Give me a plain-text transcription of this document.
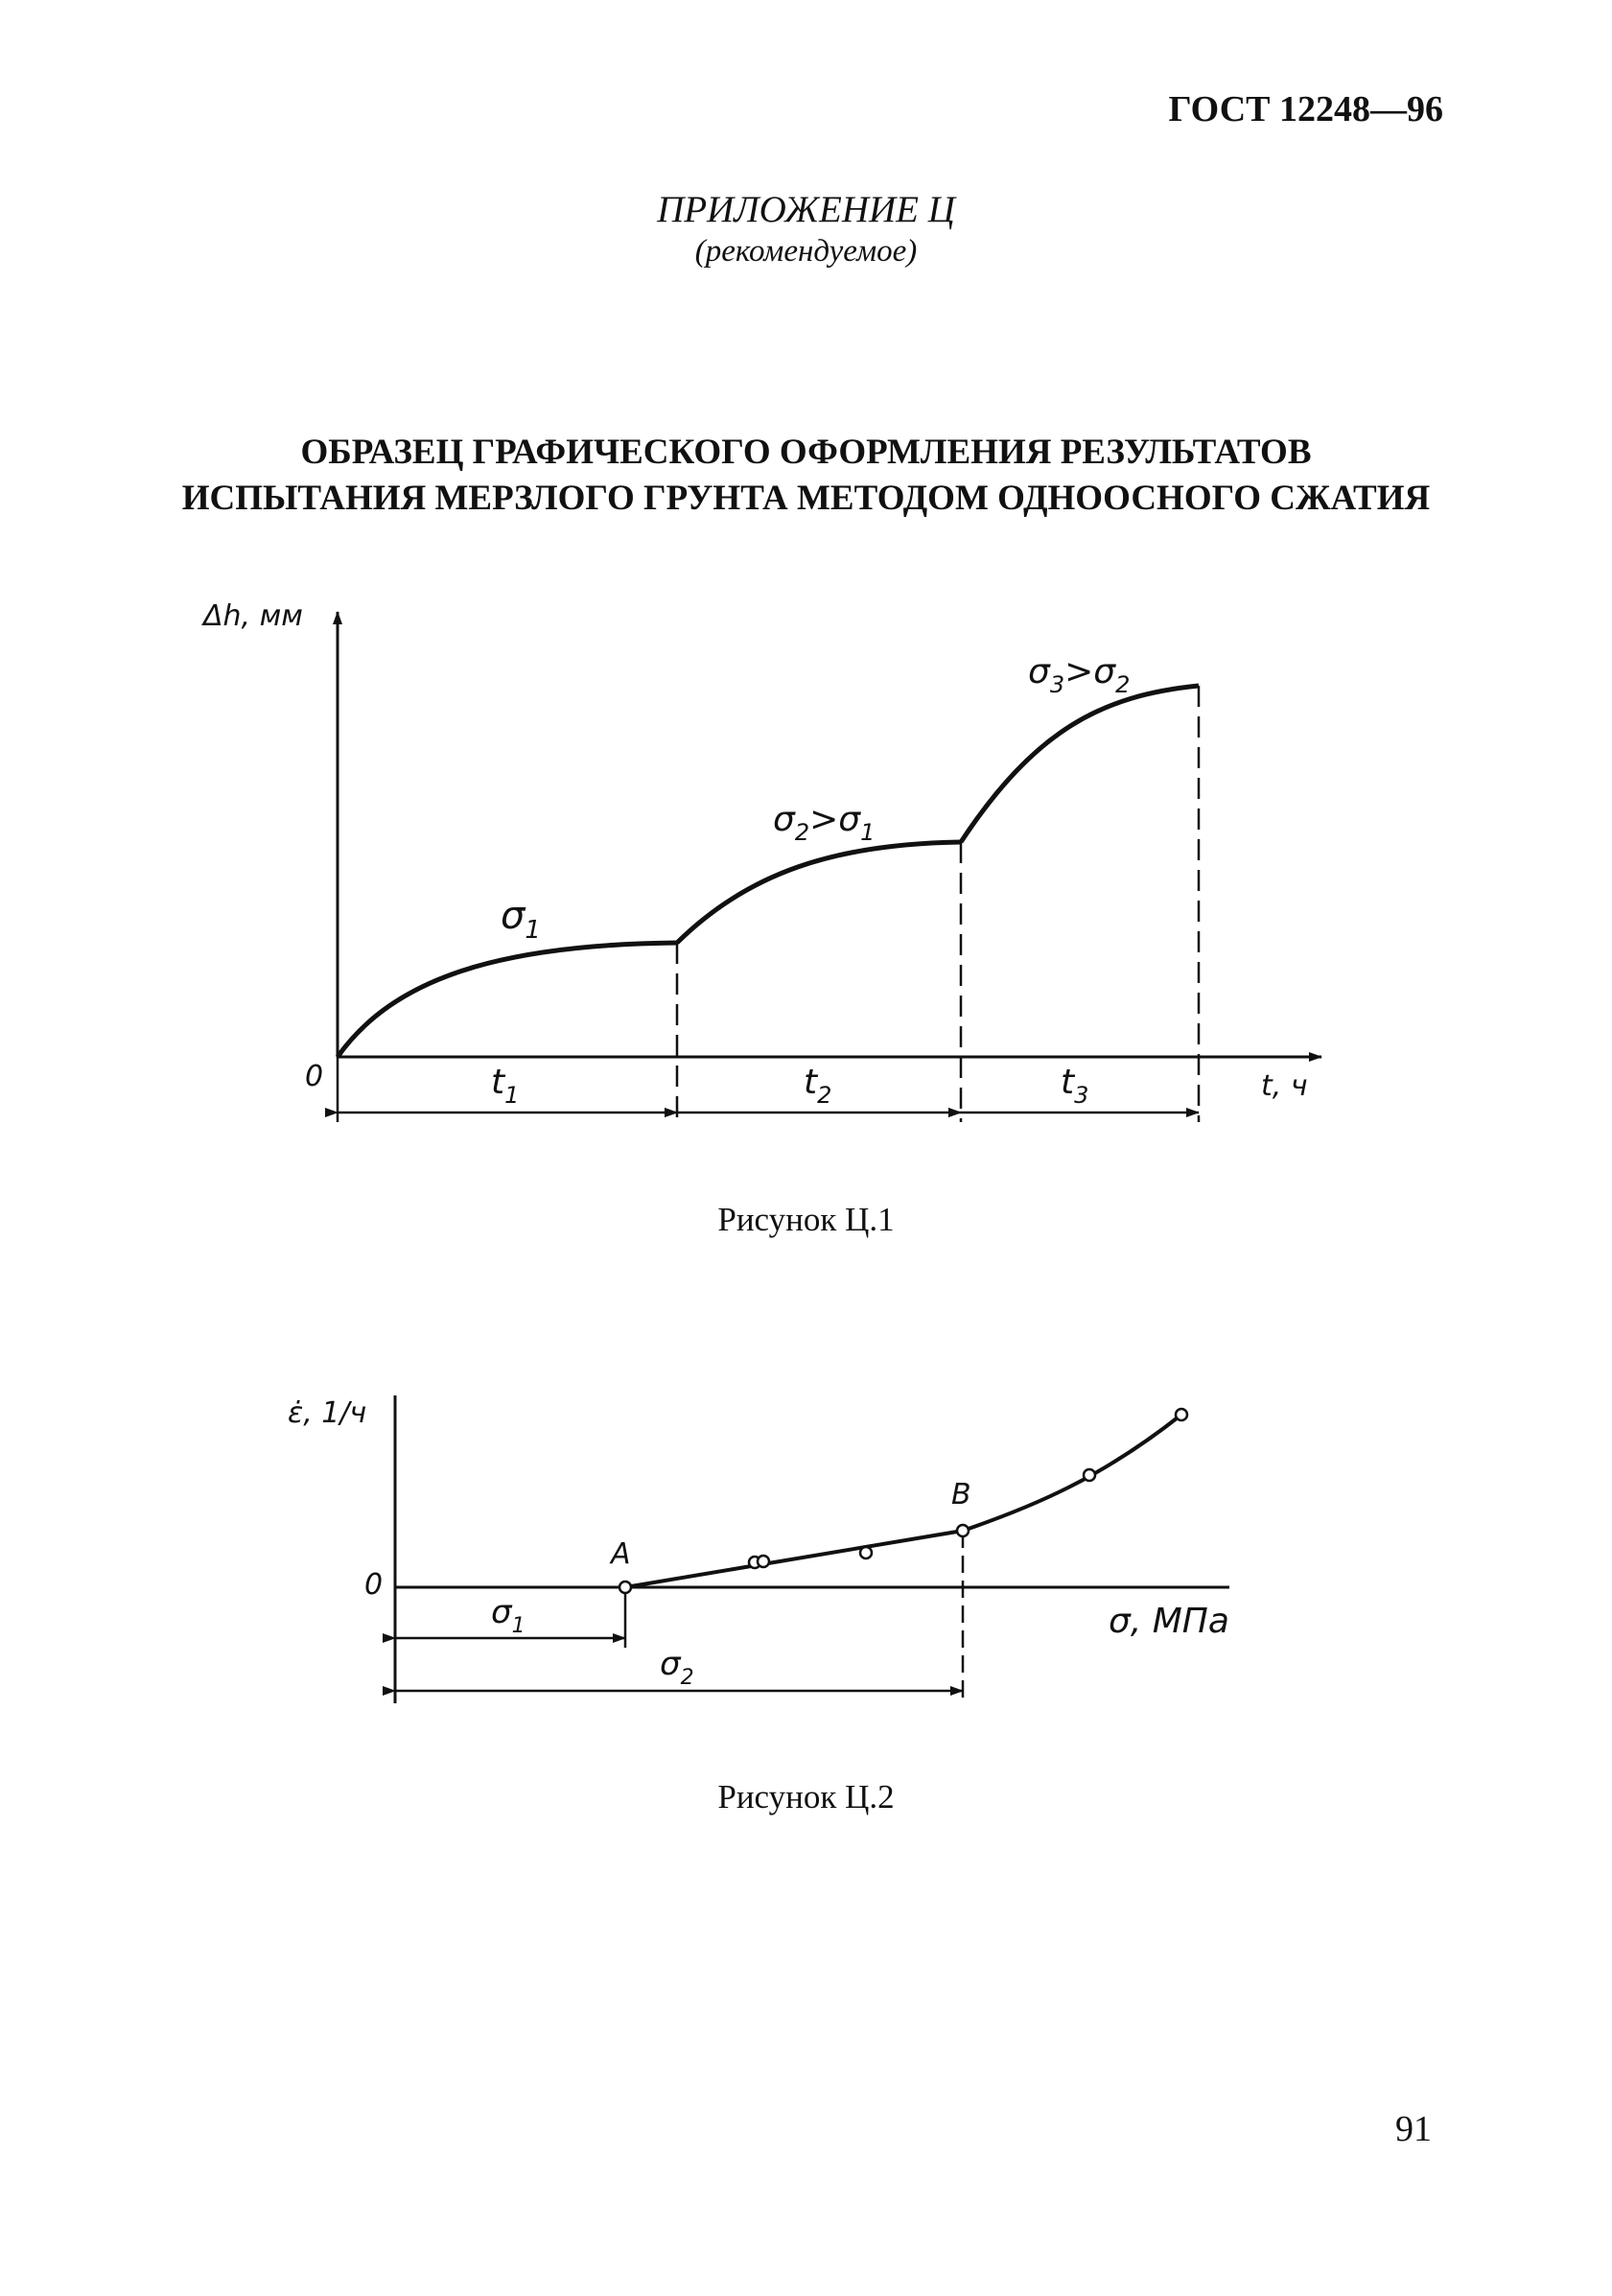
ГОСТ 12248—96
ПРИЛОЖЕНИЕ Ц
(рекомендуемое)
ОБРАЗЕЦ ГРАФИЧЕСКОГО ОФОРМЛЕНИЯ РЕЗУЛЬТАТОВ
ИСПЫТАНИЯ МЕРЗЛОГО ГРУНТА МЕТОДОМ ОДНООСНОГО СЖАТИЯ
Δh, мм
t, ч
0
$\sigma_1$
$\sigma_2>\sigma_1$
$\sigma_3>\sigma_2$
$t_1$	$t_2$	$t_3$
ε̇, 1/ч
σ, МПа
0
A
B
$\sigma_1$
$\sigma_2$
Рисунок Ц.1
Рисунок Ц.2
91
